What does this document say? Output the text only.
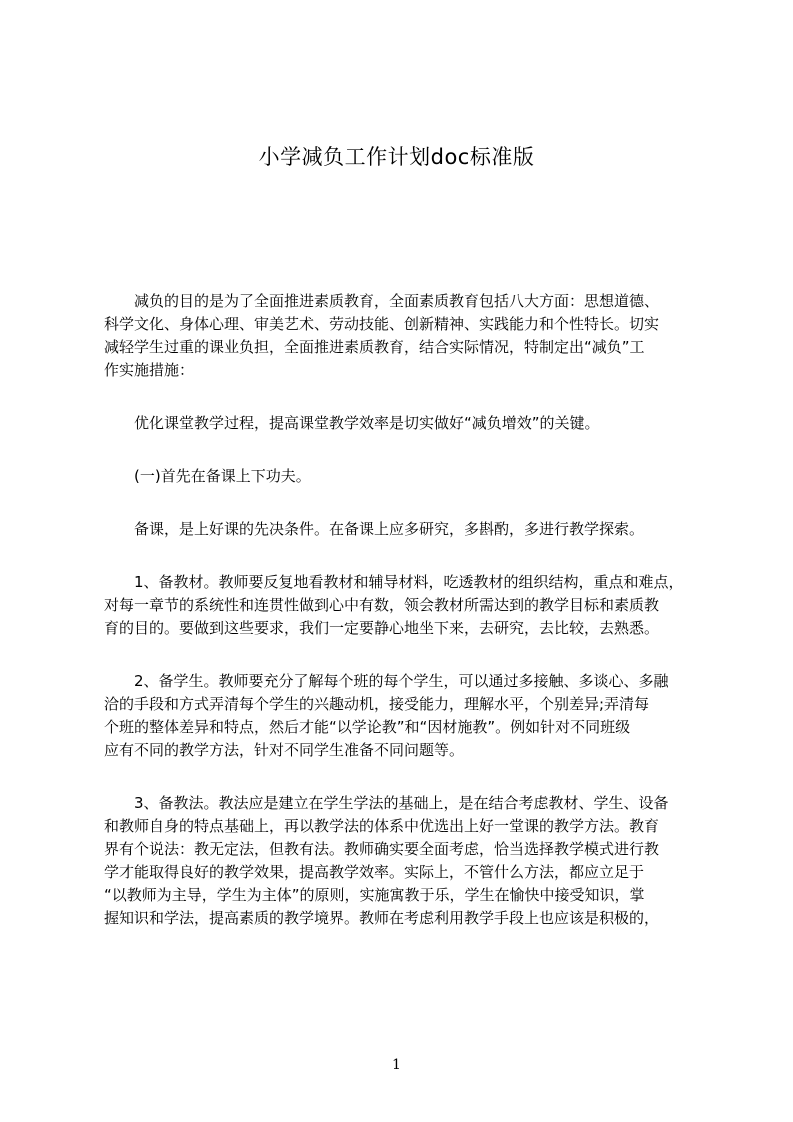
小学减负工作计划doc标准版
　　减负的目的是为了全面推进素质教育，全面素质教育包括八大方面：思想道德、
科学文化、身体心理、审美艺术、劳动技能、创新精神、实践能力和个性特长。切实
减轻学生过重的课业负担，全面推进素质教育，结合实际情况，特制定出“减负”工
作实施措施：
　　优化课堂教学过程，提高课堂教学效率是切实做好“减负增效”的关键。
　　(一)首先在备课上下功夫。
　　备课，是上好课的先决条件。在备课上应多研究，多斟酌，多进行教学探索。
　　1、备教材。教师要反复地看教材和辅导材料，吃透教材的组织结构，重点和难点，
对每一章节的系统性和连贯性做到心中有数，领会教材所需达到的教学目标和素质教
育的目的。要做到这些要求，我们一定要静心地坐下来，去研究，去比较，去熟悉。
　　2、备学生。教师要充分了解每个班的每个学生，可以通过多接触、多谈心、多融
洽的手段和方式弄清每个学生的兴趣动机，接受能力，理解水平，个别差异;弄清每
个班的整体差异和特点，然后才能“以学论教”和“因材施教”。例如针对不同班级
应有不同的教学方法，针对不同学生准备不同问题等。
　　3、备教法。教法应是建立在学生学法的基础上，是在结合考虑教材、学生、设备
和教师自身的特点基础上，再以教学法的体系中优选出上好一堂课的教学方法。教育
界有个说法：教无定法，但教有法。教师确实要全面考虑，恰当选择教学模式进行教
学才能取得良好的教学效果，提高教学效率。实际上，不管什么方法，都应立足于
“以教师为主导，学生为主体”的原则，实施寓教于乐，学生在愉快中接受知识，掌
握知识和学法，提高素质的教学境界。教师在考虑利用教学手段上也应该是积极的，
1
